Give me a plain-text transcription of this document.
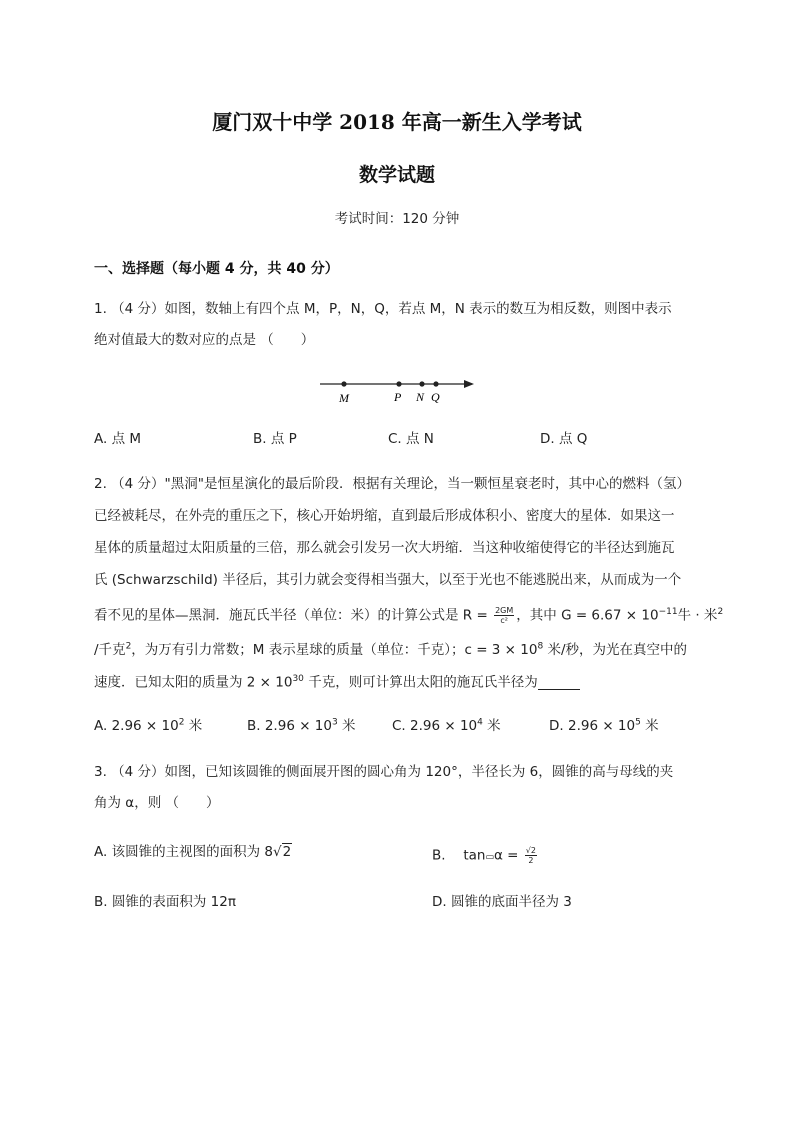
厦门双十中学 2018 年高一新生入学考试
数学试题
考试时间：120 分钟
一、选择题（每小题 4 分，共 40 分）
1. （4 分）如图，数轴上有四个点 M，P，N，Q，若点 M，N 表示的数互为相反数，则图中表示
绝对值最大的数对应的点是 （　　）
M	P N Q
A. 点 M	B. 点 P	C. 点 N	D. 点 Q
2. （4 分）"黑洞"是恒星演化的最后阶段．根据有关理论，当一颗恒星衰老时，其中心的燃料（氢）
已经被耗尽，在外壳的重压之下，核心开始坍缩，直到最后形成体积小、密度大的星体．如果这一
星体的质量超过太阳质量的三倍，那么就会引发另一次大坍缩．当这种收缩使得它的半径达到施瓦
氏 (Schwarzschild) 半径后，其引力就会变得相当强大，以至于光也不能逃脱出来，从而成为一个
看不见的星体—黑洞．施瓦氏半径（单位：米）的计算公式是 $R = \frac{2GM}{\text{c²}}$ ，其中 $G = 6.67 \times 10^{-11}$牛 · 米$^2$
/千克$^2$，为万有引力常数；M 表示星球的质量（单位：千克）；$c = 3 \times 10^8$ 米/秒，为光在真空中的
速度．已知太阳的质量为 $2 \times 10^{30}$ 千克，则可计算出太阳的施瓦氏半径为
A. $2.96 \times 10^2$ 米	B. $2.96 \times 10^3$ 米	C. $2.96 \times 10^4$ 米	D. $2.96 \times 10^5$ 米
3. （4 分）如图，已知该圆锥的侧面展开图的圆心角为 120°，半径长为 6，圆锥的高与母线的夹
角为 α，则 （　　）
A. 该圆锥的主视图的面积为 8√2	B.　 tan▭α = $\frac{√2}{2}$
B. 圆锥的表面积为 12π	D. 圆锥的底面半径为 3
